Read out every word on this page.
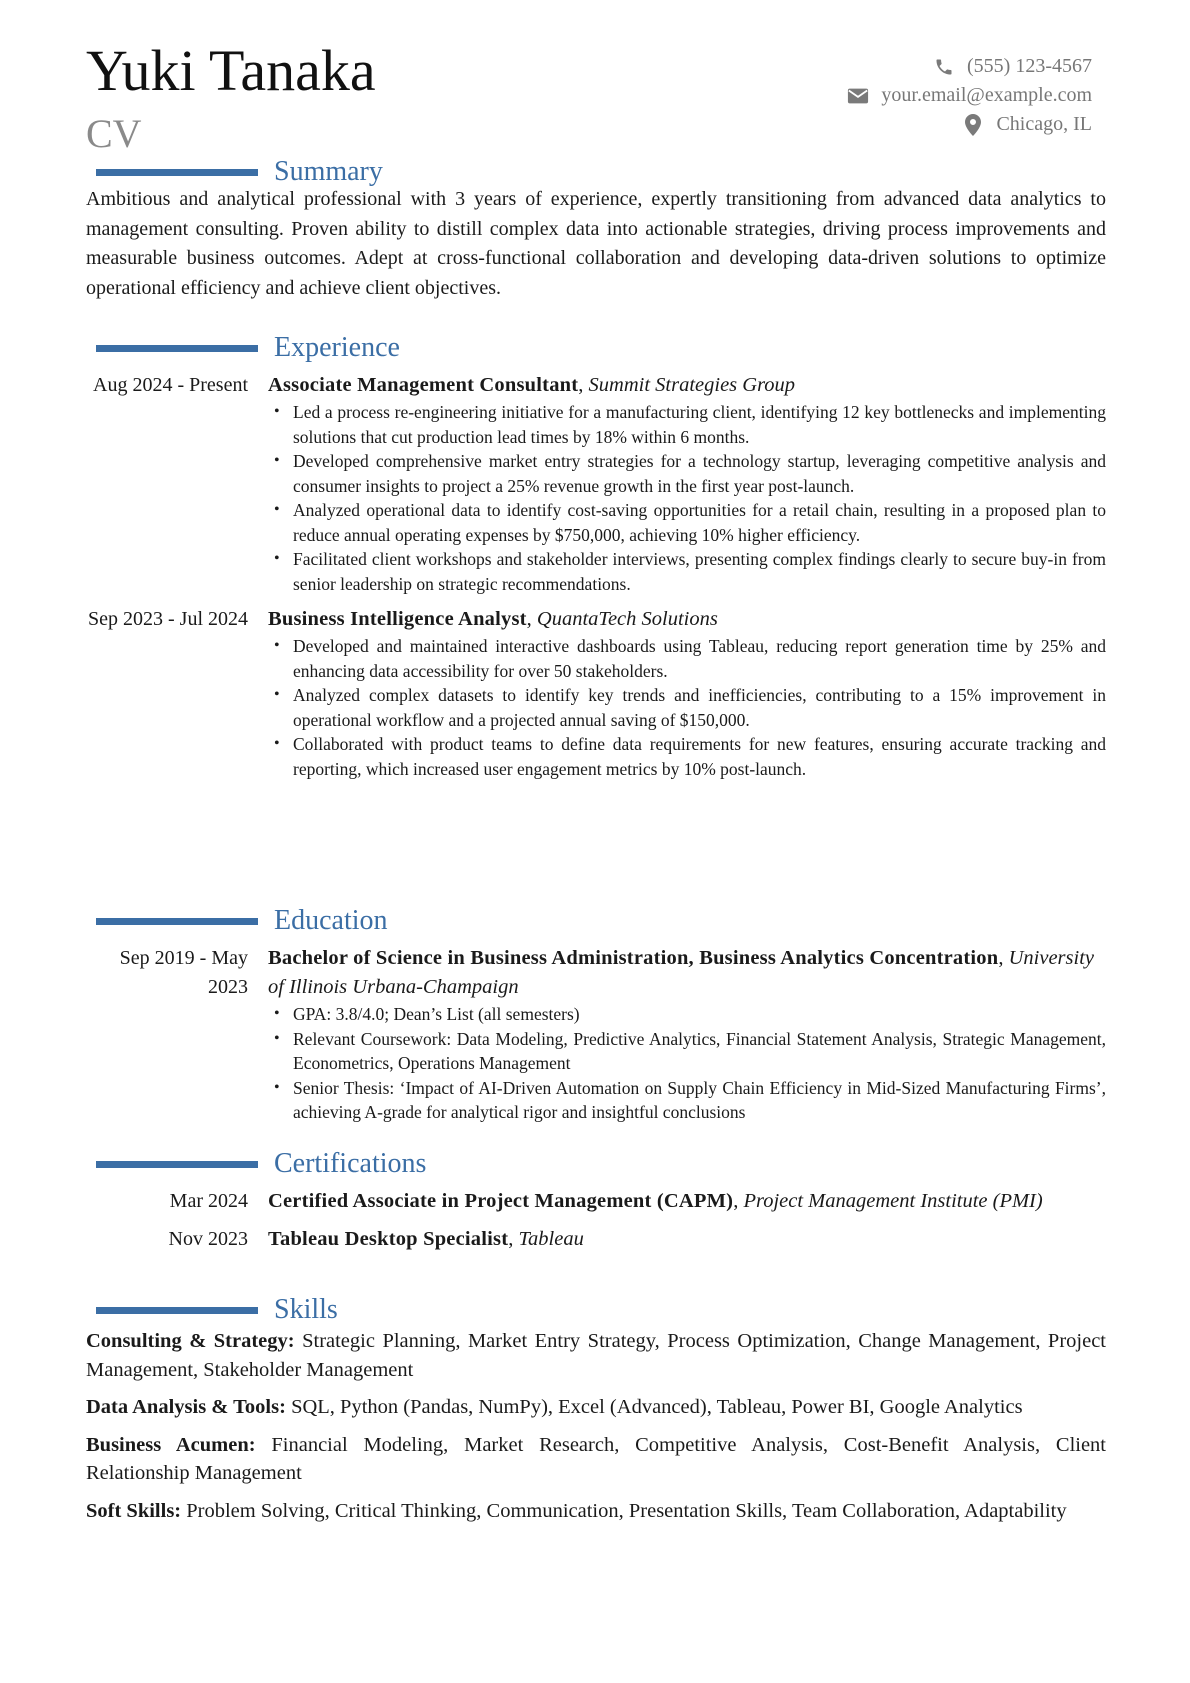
Yuki Tanaka
CV
(555) 123-4567
your.email@example.com
Chicago, IL
Summary

Ambitious and analytical professional with 3 years of experience, expertly transitioning from advanced data analytics to management consulting. Proven ability to distill complex data into actionable strategies, driving process improvements and measurable business outcomes. Adept at cross-functional collaboration and developing data-driven solutions to optimize operational efficiency and achieve client objectives.

Experience
Aug 2024 - Present Associate Management Consultant, Summit Strategies Group
• Led a process re-engineering initiative for a manufacturing client, identifying 12 key bottlenecks and implementing solutions that cut production lead times by 18% within 6 months.
• Developed comprehensive market entry strategies for a technology startup, leveraging competitive analysis and consumer insights to project a 25% revenue growth in the first year post-launch.
• Analyzed operational data to identify cost-saving opportunities for a retail chain, resulting in a proposed plan to reduce annual operating expenses by $750,000, achieving 10% higher efficiency.
• Facilitated client workshops and stakeholder interviews, presenting complex findings clearly to secure buy-in from senior leadership on strategic recommendations.
Sep 2023 - Jul 2024 Business Intelligence Analyst, QuantaTech Solutions
• Developed and maintained interactive dashboards using Tableau, reducing report generation time by 25% and enhancing data accessibility for over 50 stakeholders.
• Analyzed complex datasets to identify key trends and inefficiencies, contributing to a 15% improvement in operational workflow and a projected annual saving of $150,000.
• Collaborated with product teams to define data requirements for new features, ensuring accurate tracking and reporting, which increased user engagement metrics by 10% post-launch.
Education
Sep 2019 - May 2023
Bachelor of Science in Business Administration, Business Analytics Concentration, University of Illinois Urbana-Champaign
• GPA: 3.8/4.0; Dean’s List (all semesters)
• Relevant Coursework: Data Modeling, Predictive Analytics, Financial Statement Analysis, Strategic Management, Econometrics, Operations Management
• Senior Thesis: ‘Impact of AI-Driven Automation on Supply Chain Efficiency in Mid-Sized Manufacturing Firms’, achieving A-grade for analytical rigor and insightful conclusions
Certifications
Mar 2024 Certified Associate in Project Management (CAPM), Project Management Institute (PMI)
Nov 2023 Tableau Desktop Specialist, Tableau
Skills
Consulting & Strategy: Strategic Planning, Market Entry Strategy, Process Optimization, Change Management, Project Management, Stakeholder Management
Data Analysis & Tools: SQL, Python (Pandas, NumPy), Excel (Advanced), Tableau, Power BI, Google Analytics
Business Acumen: Financial Modeling, Market Research, Competitive Analysis, Cost-Benefit Analysis, Client Relationship Management
Soft Skills: Problem Solving, Critical Thinking, Communication, Presentation Skills, Team Collaboration, Adaptability
